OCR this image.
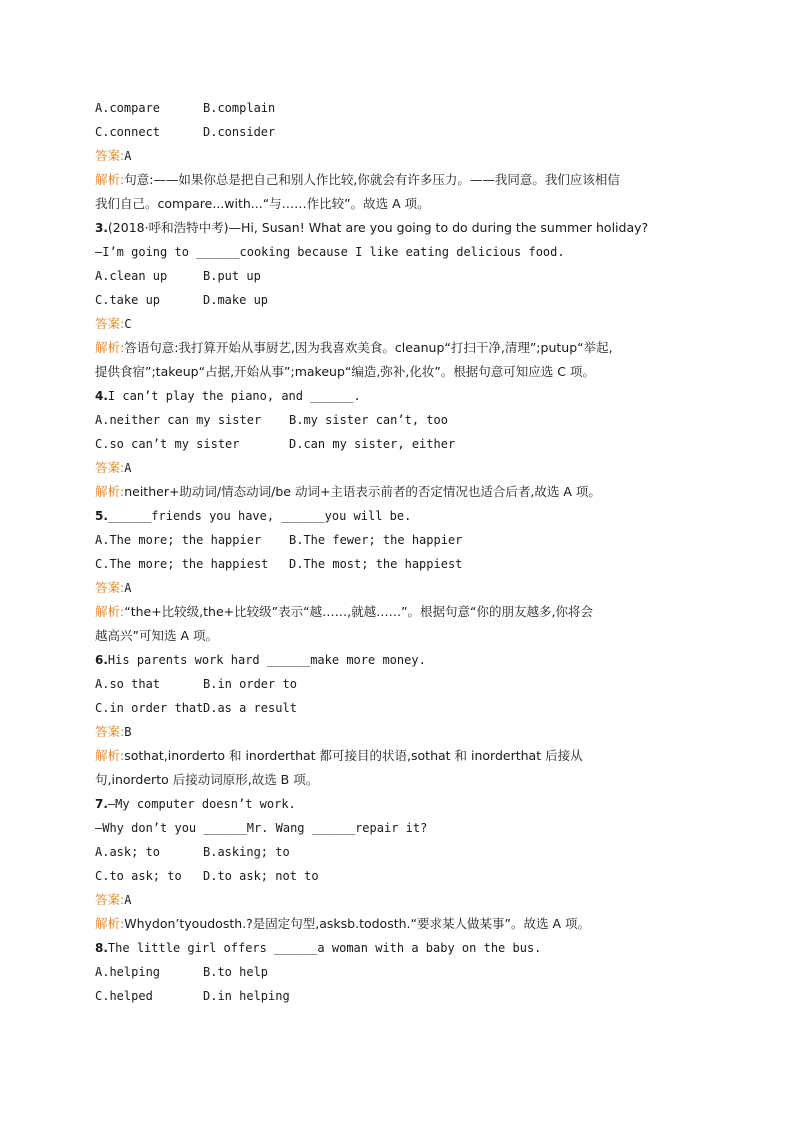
A.compare	B.complain
C.connect	D.consider
答案:A
解析:句意:——如果你总是把自己和别人作比较,你就会有许多压力。——我同意。我们应该相信
我们自己。compare...with...“与……作比较”。故选 A 项。
3.(2018·呼和浩特中考)—Hi, Susan! What are you going to do during the summer holiday?
—I’m going to ______cooking because I like eating delicious food.
A.clean up	B.put up
C.take up	D.make up
答案:C
解析:答语句意:我打算开始从事厨艺,因为我喜欢美食。cleanup“打扫干净,清理”;putup“举起,
提供食宿”;takeup“占据,开始从事”;makeup“编造,弥补,化妆”。根据句意可知应选 C 项。
4.I can’t play the piano, and ______.
A.neither can my sister	B.my sister can’t, too
C.so can’t my sister	D.can my sister, either
答案:A
解析:neither+助动词/情态动词/be 动词+主语表示前者的否定情况也适合后者,故选 A 项。
5.______friends you have, ______you will be.
A.The more; the happier	B.The fewer; the happier
C.The more; the happiest	D.The most; the happiest
答案:A
解析:“the+比较级,the+比较级”表示“越……,就越……”。根据句意“你的朋友越多,你将会
越高兴”可知选 A 项。
6.His parents work hard ______make more money.
A.so that	B.in order to
C.in order that D.as a result
答案:B
解析:sothat,inorderto 和 inorderthat 都可接目的状语,sothat 和 inorderthat 后接从
句,inorderto 后接动词原形,故选 B 项。
7.—My computer doesn’t work.
—Why don’t you ______Mr. Wang ______repair it?
A.ask; to	B.asking; to
C.to ask; to	D.to ask; not to
答案:A
解析:Whydon’tyoudosth.?是固定句型,asksb.todosth.“要求某人做某事”。故选 A 项。
8.The little girl offers ______a woman with a baby on the bus.
A.helping	B.to help
C.helped	D.in helping
